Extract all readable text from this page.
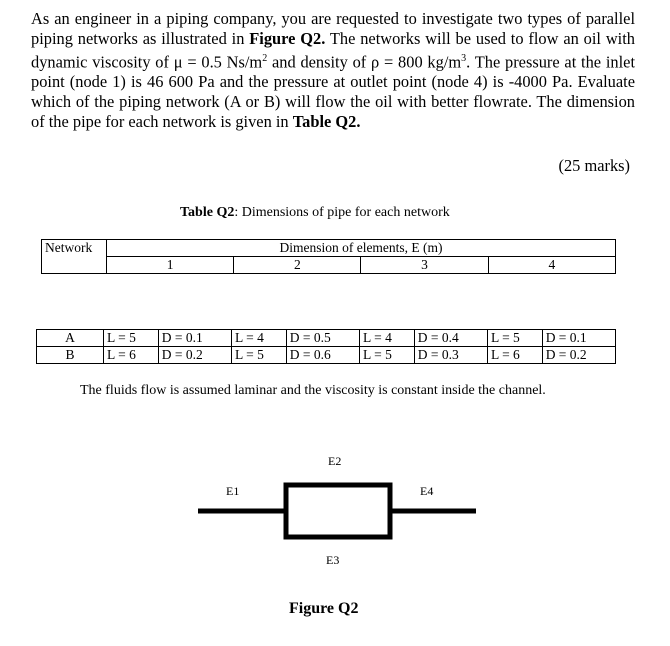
As an engineer in a piping company, you are requested to investigate two types of parallel piping networks as illustrated in Figure Q2. The networks will be used to flow an oil with dynamic viscosity of μ = 0.5 $Ns/m^2$ and density of ρ = 800 $kg/m^3$. The pressure at the inlet point (node 1) is 46 600 Pa and the pressure at outlet point (node 4) is -4000 Pa. Evaluate which of the piping network (A or B) will flow the oil with better flowrate. The dimension of the pipe for each network is given in Table Q2.

(25 marks)
Table Q2: Dimensions of pipe for each network
Network	Dimension of elements, E (m)			
	1	2	3	4
A	L = 5	D = 0.1	L = 4	D = 0.5	L = 4	D = 0.4	L = 5	D = 0.1
B	L = 6	D = 0.2	L = 5	D = 0.6	L = 5	D = 0.3	L = 6	D = 0.2
The fluids flow is assumed laminar and the viscosity is constant inside the channel.
E1
E2
E3
E4
Figure Q2
